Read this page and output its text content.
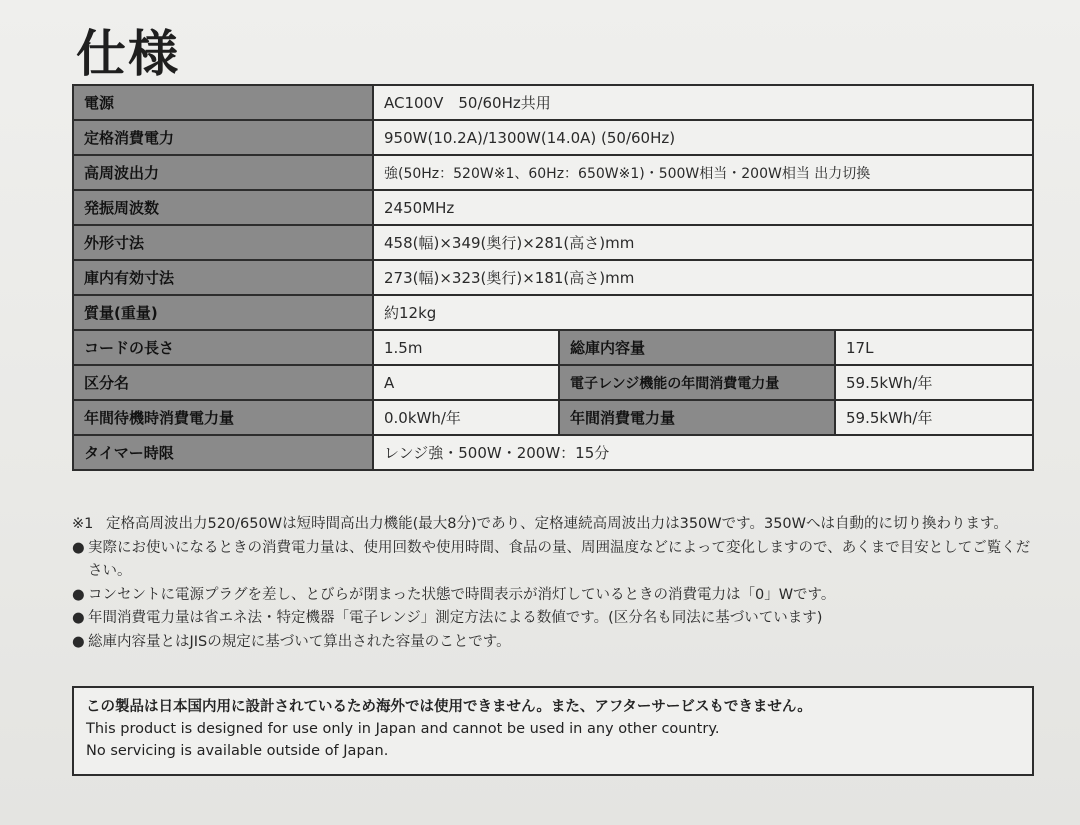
仕様
電源	AC100V　50/60Hz共用		
定格消費電力	950W(10.2A)/1300W(14.0A) (50/60Hz)		
高周波出力	強(50Hz：520W※1、60Hz：650W※1)・500W相当・200W相当 出力切換		
発振周波数	2450MHz		
外形寸法	458(幅)×349(奥行)×281(高さ)mm		
庫内有効寸法	273(幅)×323(奥行)×181(高さ)mm		
質量(重量)	約12kg		
コードの長さ	1.5m	総庫内容量	17L
区分名	A	電子レンジ機能の年間消費電力量	59.5kWh/年
年間待機時消費電力量	0.0kWh/年	年間消費電力量	59.5kWh/年
タイマー時限	レンジ強・500W・200W：15分		
※1 定格高周波出力520/650Wは短時間高出力機能(最大8分)であり、定格連続高周波出力は350Wです。350Wへは自動的に切り換わります。
● 実際にお使いになるときの消費電力量は、使用回数や使用時間、食品の量、周囲温度などによって変化しますので、あくまで目安としてご覧ください。
● コンセントに電源プラグを差し、とびらが閉まった状態で時間表示が消灯しているときの消費電力は「0」Wです。
● 年間消費電力量は省エネ法・特定機器「電子レンジ」測定方法による数値です。(区分名も同法に基づいています)
● 総庫内容量とはJISの規定に基づいて算出された容量のことです。
この製品は日本国内用に設計されているため海外では使用できません。また、アフターサービスもできません。
This product is designed for use only in Japan and cannot be used in any other country.
No servicing is available outside of Japan.
